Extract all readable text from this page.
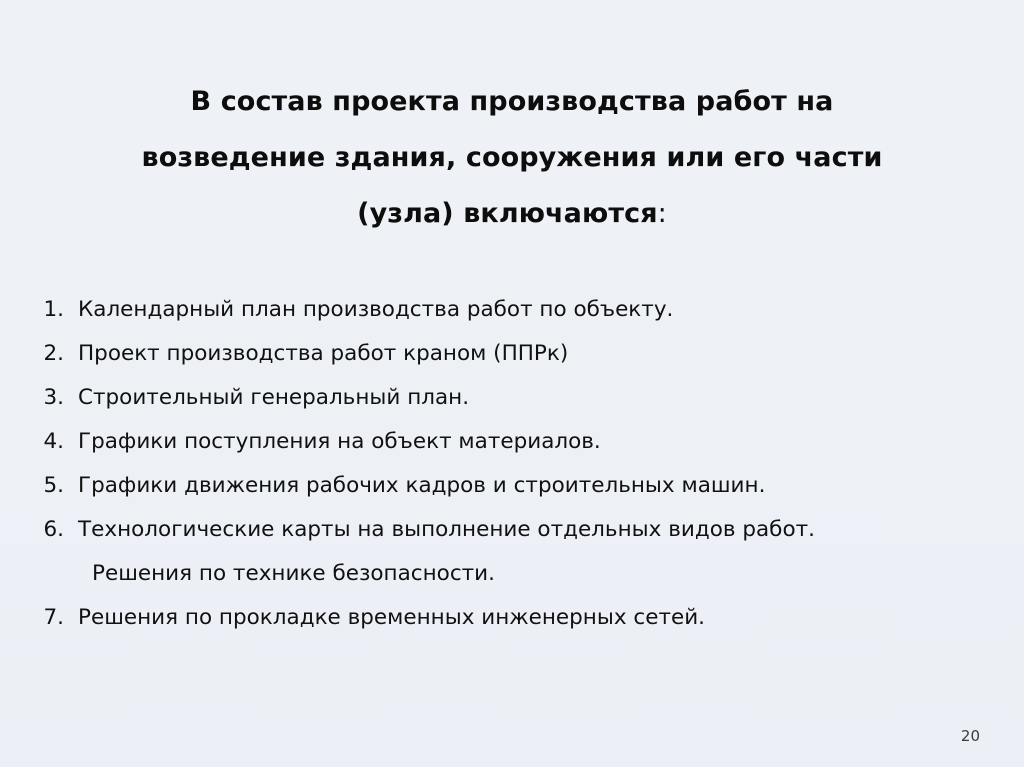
В состав проекта производства работ на
возведение здания, сооружения или его части
(узла) включаются:
1. Календарный план производства работ по объекту.
2. Проект производства работ краном (ППРк)
3. Строительный генеральный план.
4. Графики поступления на объект материалов.
5. Графики движения рабочих кадров и строительных машин.
6. Технологические карты на выполнение отдельных видов работ.
Решения по технике безопасности.
7. Решения по прокладке временных инженерных сетей.
20
